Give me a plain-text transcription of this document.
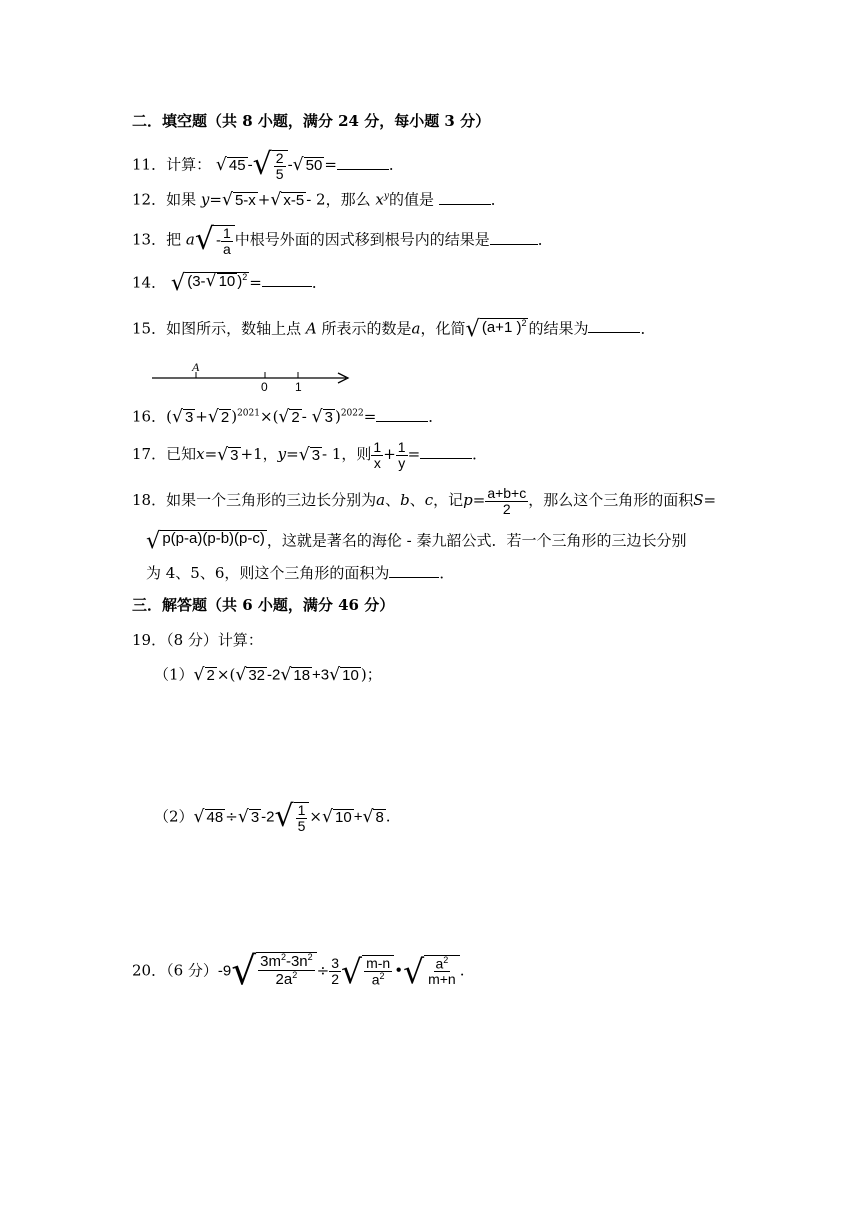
二．填空题（共 8 小题，满分 24 分，每小题 3 分）
11．计算： √ 45 - √ $\frac{2}{5}$ - √ 50 =	．
12．如果 y= √ 5-x + √ x-5 - 2，那么 $x^y$的值是	．
13．把 a √ - $\frac{1}{a}$ 中根号外面的因式移到根号内的结果是	．
14． √ (3- √ 10 )$^2$ =	．
15．如图所示，数轴上点 A 所表示的数是a，化简 √ (a+1 )$^2$ 的结果为	．
A
0 1
16．( √ 3 + √ 2 )$^{2021}$×( √ 2 - √ 3 )$^{2022}$=	．
17．已知x= √ 3 +1，y= √ 3 - 1，则 $\frac{1}{x} + \frac{1}{y}$ =	．
18．如果一个三角形的三边长分别为a、b、c，记$p= \frac{a+b+c}{2}$ ，那么这个三角形的面积S=
√ p(p-a)(p-b)(p-c) ，这就是著名的海伦 - 秦九韶公式．若一个三角形的三边长分别
为 4、5、6，则这个三角形的面积为	．
三．解答题（共 6 小题，满分 46 分）
19．（8 分）计算：
（1） √ 2 ×( √ 32 -2 √ 18 +3 √ 10 )；
（2） √ 48 ÷ √ 3 -2 √ $\frac{1}{5}$ × √ 10 + √ 8 .
20．（6 分）-9 √ $\frac{3m^2-3n^2}{2a^2} \div \frac{3}{2}$ √ $\frac{m-n}{a^2}$ • √ $\frac{a^2}{m+n}$ .
